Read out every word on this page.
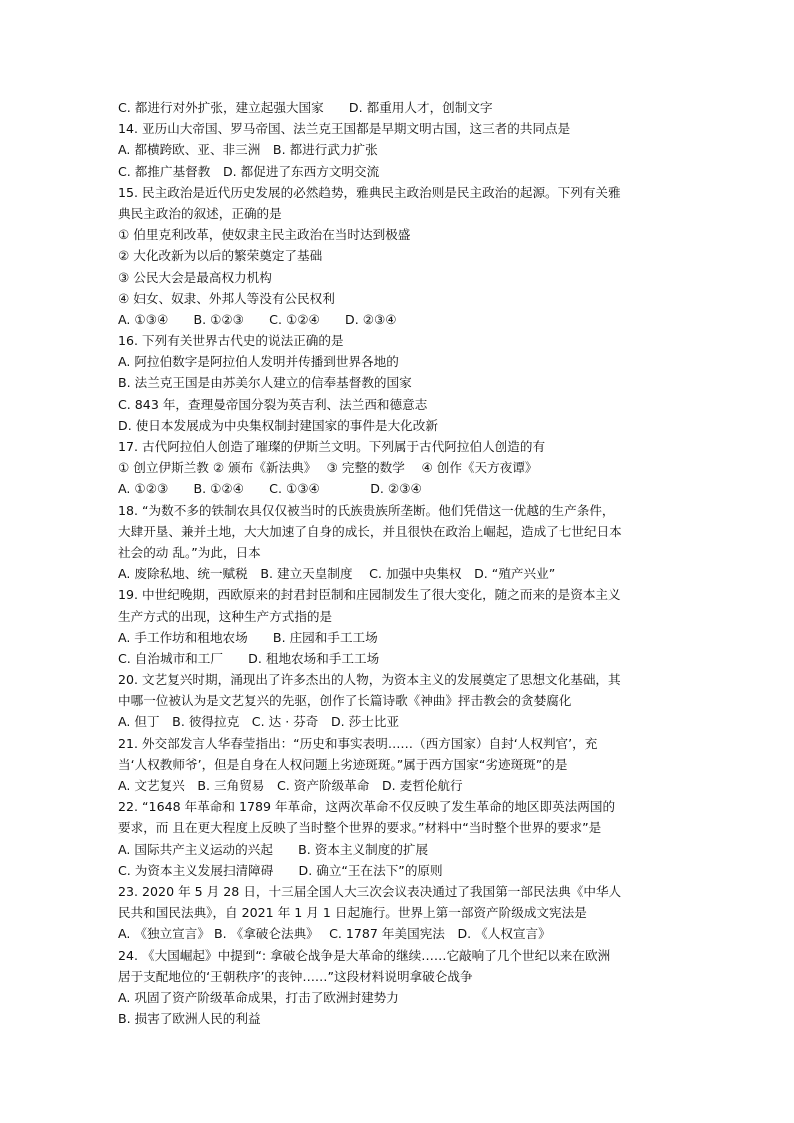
C. 都进行对外扩张，建立起强大国家　　D. 都重用人才，创制文字
14. 亚历山大帝国、罗马帝国、法兰克王国都是早期文明古国，这三者的共同点是
A. 都横跨欧、亚、非三洲　B. 都进行武力扩张
C. 都推广基督教　D. 都促进了东西方文明交流
15. 民主政治是近代历史发展的必然趋势，雅典民主政治则是民主政治的起源。下列有关雅
典民主政治的叙述，正确的是
① 伯里克利改革，使奴隶主民主政治在当时达到极盛
② 大化改新为以后的繁荣奠定了基础
③ 公民大会是最高权力机构
④ 妇女、奴隶、外邦人等没有公民权利
A. ①③④　　B. ①②③　　C. ①②④　　D. ②③④
16. 下列有关世界古代史的说法正确的是
A. 阿拉伯数字是阿拉伯人发明并传播到世界各地的
B. 法兰克王国是由苏美尔人建立的信奉基督教的国家
C. 843 年，查理曼帝国分裂为英吉利、法兰西和德意志
D. 使日本发展成为中央集权制封建国家的事件是大化改新
17. 古代阿拉伯人创造了璀璨的伊斯兰文明。下列属于古代阿拉伯人创造的有
① 创立伊斯兰教 ② 颁布《新法典》　 ③ 完整的数学　 ④ 创作《天方夜谭》
A. ①②③　　B. ①②④　　C. ①③④　　　　D. ②③④
18. “为数不多的铁制农具仅仅被当时的氏族贵族所垄断。他们凭借这一优越的生产条件，
大肆开垦、兼并土地，大大加速了自身的成长，并且很快在政治上崛起，造成了七世纪日本
社会的动 乱。”为此，日本
A. 废除私地、统一赋税　B. 建立天皇制度　 C. 加强中央集权　D. “殖产兴业”
19. 中世纪晚期，西欧原来的封君封臣制和庄园制发生了很大变化，随之而来的是资本主义
生产方式的出现，这种生产方式指的是
A. 手工作坊和租地农场　　B. 庄园和手工工场
C. 自治城市和工厂　　D. 租地农场和手工工场
20. 文艺复兴时期，涌现出了许多杰出的人物，为资本主义的发展奠定了思想文化基础，其
中哪一位被认为是文艺复兴的先驱，创作了长篇诗歌《神曲》抨击教会的贪婪腐化
A. 但丁　B. 彼得拉克　C. 达 · 芬奇　D. 莎士比亚
21. 外交部发言人华春莹指出：“历史和事实表明……（西方国家）自封‘人权判官’，充
当‘人权教师爷’，但是自身在人权问题上劣迹斑斑。”属于西方国家“劣迹斑斑”的是
A. 文艺复兴　B. 三角贸易　C. 资产阶级革命　D. 麦哲伦航行
22. “1648 年革命和 1789 年革命，这两次革命不仅反映了发生革命的地区即英法两国的
要求，而 且在更大程度上反映了当时整个世界的要求。”材料中“当时整个世界的要求”是
A. 国际共产主义运动的兴起　　B. 资本主义制度的扩展
C. 为资本主义发展扫清障碍　　D. 确立“王在法下”的原则
23. 2020 年 5 月 28 日，十三届全国人大三次会议表决通过了我国第一部民法典《中华人
民共和国民法典》，自 2021 年 1 月 1 日起施行。世界上第一部资产阶级成文宪法是
A. 《独立宣言》 B. 《拿破仑法典》　 C. 1787 年美国宪法　D. 《人权宣言》
24. 《大国崛起》中提到“: 拿破仑战争是大革命的继续……它敲响了几个世纪以来在欧洲
居于支配地位的‘王朝秩序’的丧钟……”这段材料说明拿破仑战争
A. 巩固了资产阶级革命成果，打击了欧洲封建势力
B. 损害了欧洲人民的利益
